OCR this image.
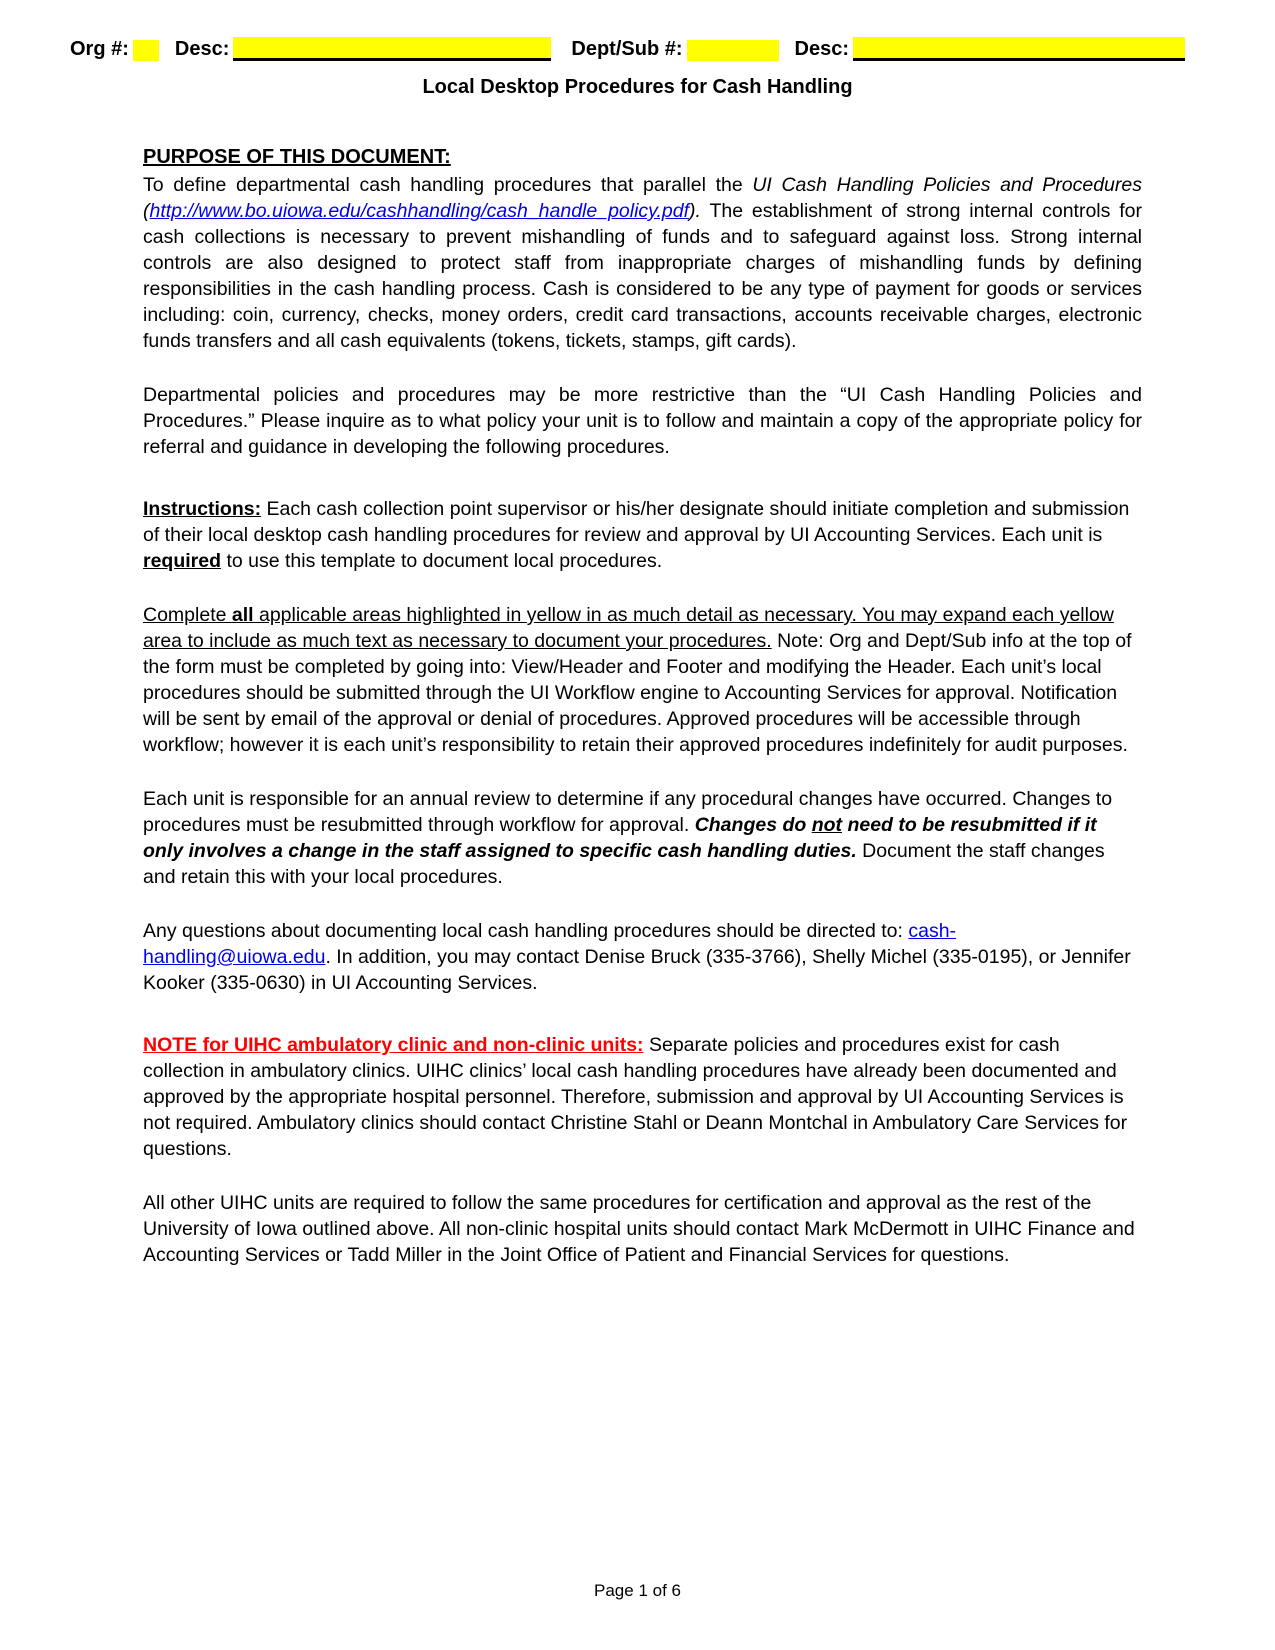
Org #: Desc:	Dept/Sub #:	Desc:
Local Desktop Procedures for Cash Handling
PURPOSE OF THIS DOCUMENT:

To define departmental cash handling procedures that parallel the UI Cash Handling Policies and Procedures (http://www.bo.uiowa.edu/cashhandling/cash_handle_policy.pdf). The establishment of strong internal controls for cash collections is necessary to prevent mishandling of funds and to safeguard against loss. Strong internal controls are also designed to protect staff from inappropriate charges of mishandling funds by defining responsibilities in the cash handling process. Cash is considered to be any type of payment for goods or services including: coin, currency, checks, money orders, credit card transactions, accounts receivable charges, electronic funds transfers and all cash equivalents (tokens, tickets, stamps, gift cards).

Departmental policies and procedures may be more restrictive than the “UI Cash Handling Policies and Procedures.” Please inquire as to what policy your unit is to follow and maintain a copy of the appropriate policy for referral and guidance in developing the following procedures.

Instructions: Each cash collection point supervisor or his/her designate should initiate completion and submission of their local desktop cash handling procedures for review and approval by UI Accounting Services. Each unit is required to use this template to document local procedures.

Complete all applicable areas highlighted in yellow in as much detail as necessary. You may expand each yellow area to include as much text as necessary to document your procedures. Note: Org and Dept/Sub info at the top of the form must be completed by going into: View/Header and Footer and modifying the Header. Each unit’s local procedures should be submitted through the UI Workflow engine to Accounting Services for approval. Notification will be sent by email of the approval or denial of procedures. Approved procedures will be accessible through workflow; however it is each unit’s responsibility to retain their approved procedures indefinitely for audit purposes.

Each unit is responsible for an annual review to determine if any procedural changes have occurred. Changes to procedures must be resubmitted through workflow for approval. Changes do not need to be resubmitted if it only involves a change in the staff assigned to specific cash handling duties. Document the staff changes and retain this with your local procedures.

Any questions about documenting local cash handling procedures should be directed to: cash-handling@uiowa.edu. In addition, you may contact Denise Bruck (335-3766), Shelly Michel (335-0195), or Jennifer Kooker (335-0630) in UI Accounting Services.

NOTE for UIHC ambulatory clinic and non-clinic units: Separate policies and procedures exist for cash collection in ambulatory clinics. UIHC clinics’ local cash handling procedures have already been documented and approved by the appropriate hospital personnel. Therefore, submission and approval by UI Accounting Services is not required. Ambulatory clinics should contact Christine Stahl or Deann Montchal in Ambulatory Care Services for questions.

All other UIHC units are required to follow the same procedures for certification and approval as the rest of the University of Iowa outlined above. All non-clinic hospital units should contact Mark McDermott in UIHC Finance and Accounting Services or Tadd Miller in the Joint Office of Patient and Financial Services for questions.

Page 1 of 6
